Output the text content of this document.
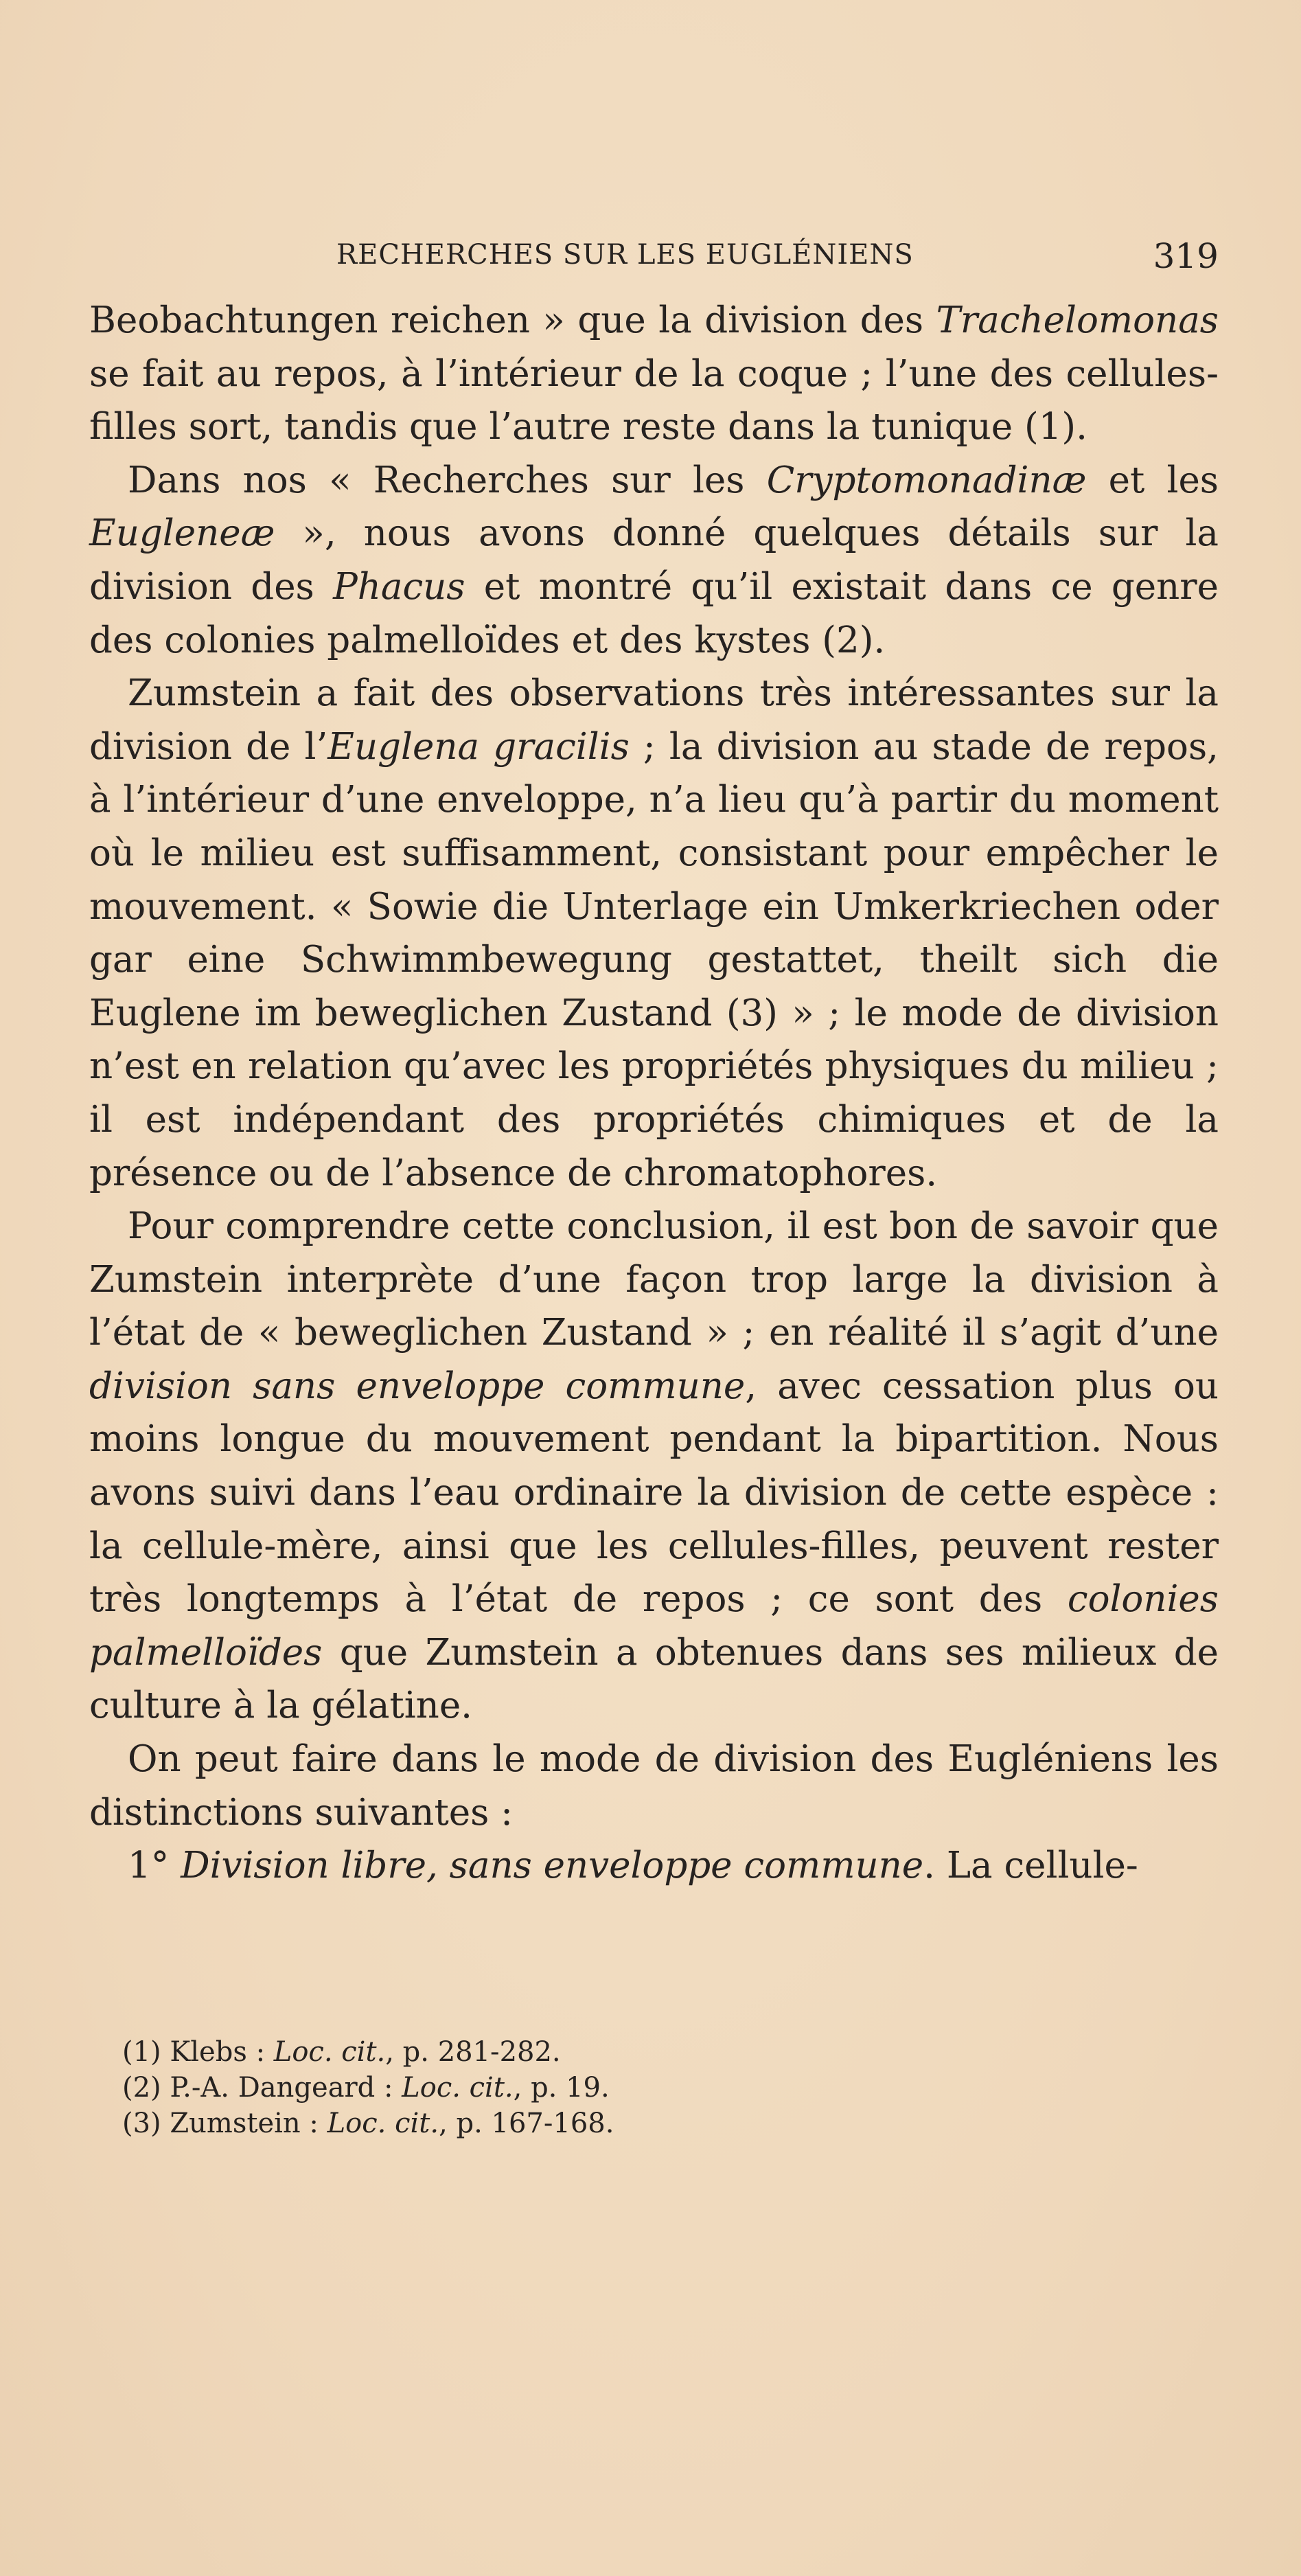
RECHERCHES SUR LES EUGLÉNIENS	319

Beobachtungen reichen » que la division des Trachelomonas se fait au repos, à l’intérieur de la coque ; l’une des cellules-filles sort, tandis que l’autre reste dans la tunique (1).

Dans nos « Recherches sur les Cryptomonadinæ et les Eugleneæ », nous avons donné quelques détails sur la division des Phacus et montré qu’il existait dans ce genre des colonies palmelloïdes et des kystes (2).

Zumstein a fait des observations très intéressantes sur la division de l’Euglena gracilis ; la division au stade de repos, à l’intérieur d’une enveloppe, n’a lieu qu’à partir du moment où le milieu est suffisamment, consistant pour empêcher le mouvement. « Sowie die Unterlage ein Umkerkriechen oder gar eine Schwimmbewegung gestattet, theilt sich die Euglene im beweglichen Zustand (3) » ; le mode de division n’est en relation qu’avec les propriétés physiques du milieu ; il est indépendant des propriétés chimiques et de la présence ou de l’absence de chromatophores.

Pour comprendre cette conclusion, il est bon de savoir que Zumstein interprète d’une façon trop large la division à l’état de « beweglichen Zustand » ; en réalité il s’agit d’une division sans enveloppe commune, avec cessation plus ou moins longue du mouvement pendant la bipartition. Nous avons suivi dans l’eau ordinaire la division de cette espèce : la cellule-mère, ainsi que les cellules-filles, peuvent rester très longtemps à l’état de repos ; ce sont des colonies palmelloïdes que Zumstein a obtenues dans ses milieux de culture à la gélatine.

On peut faire dans le mode de division des Eugléniens les distinctions suivantes :

1° Division libre, sans enveloppe commune. La cellule-

(1) Klebs : Loc. cit., p. 281-282.
(2) P.-A. Dangeard : Loc. cit., p. 19.
(3) Zumstein : Loc. cit., p. 167-168.
